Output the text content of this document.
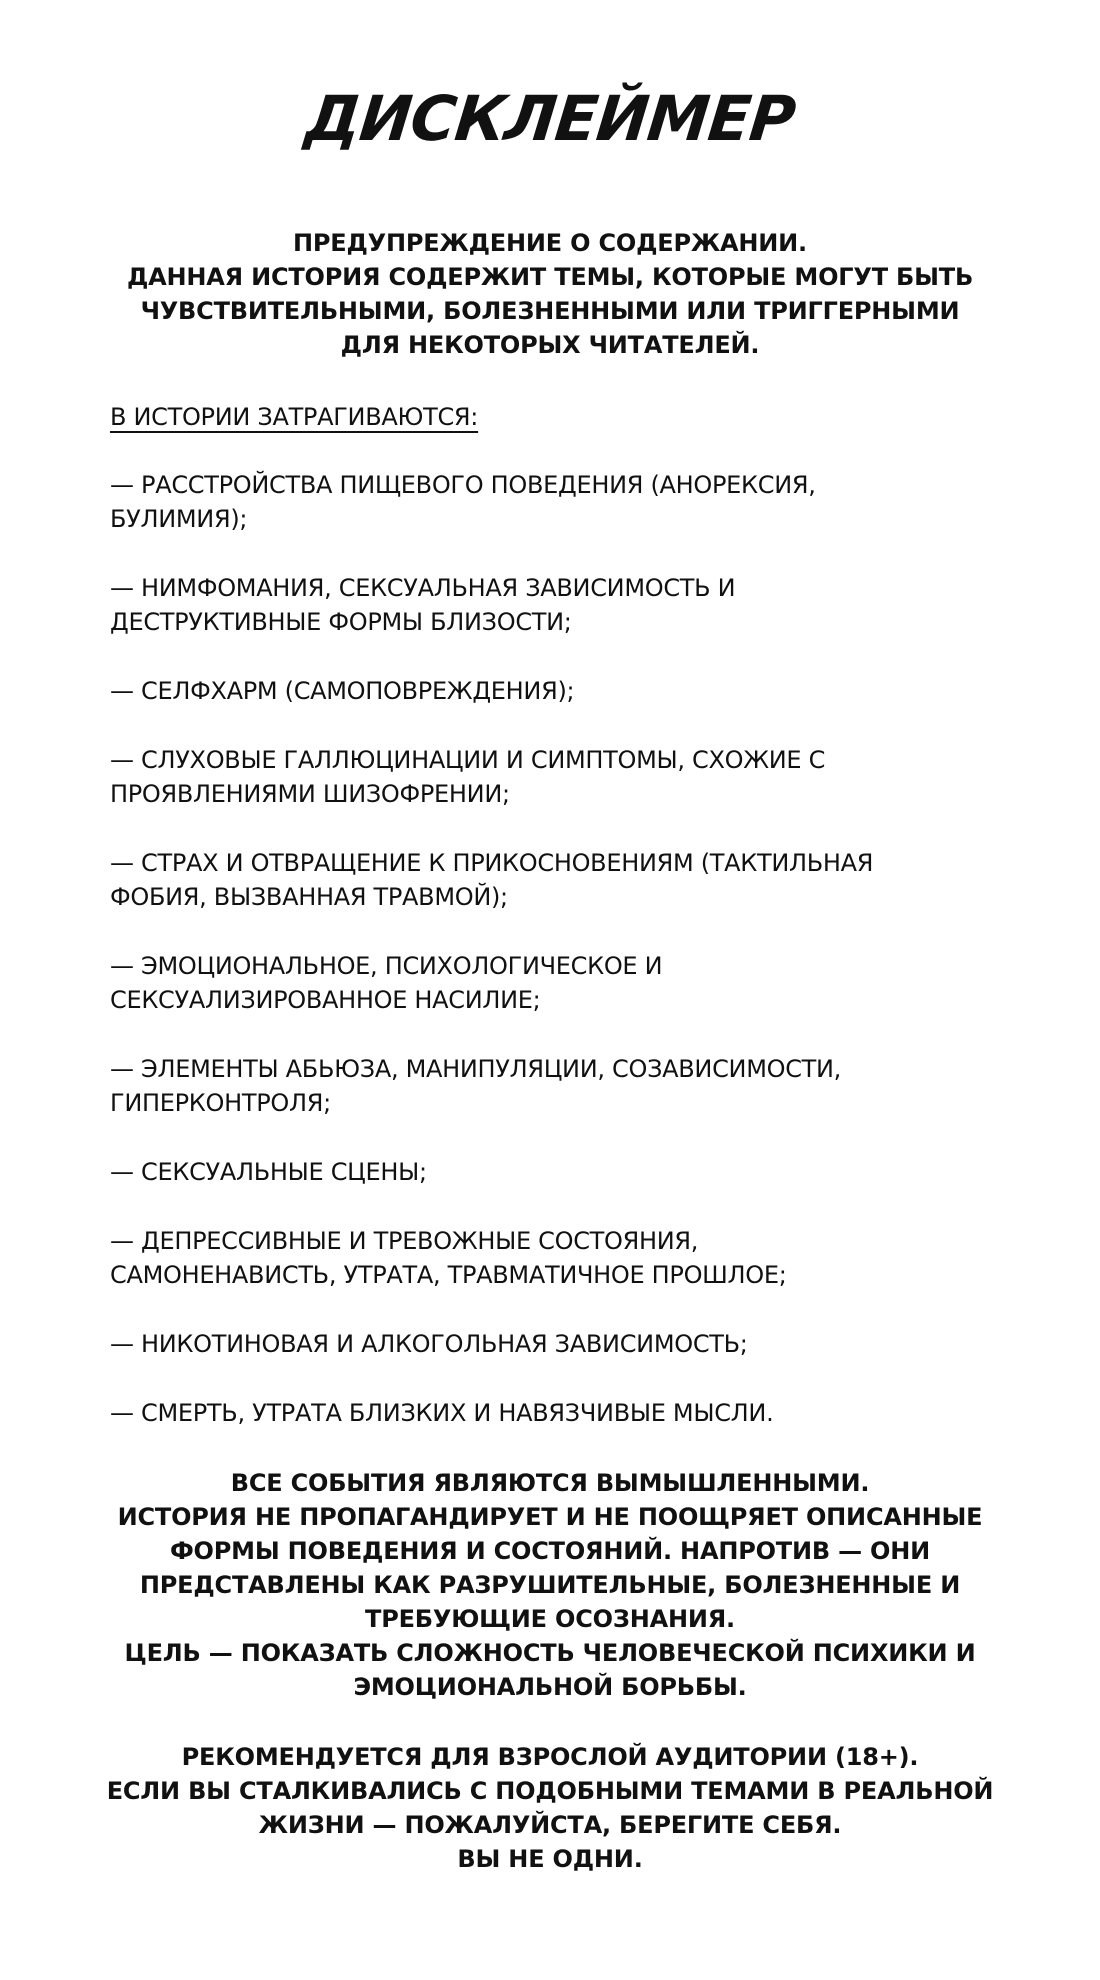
ДИСКЛЕЙМЕР
ПРЕДУПРЕЖДЕНИЕ О СОДЕРЖАНИИ.
ДАННАЯ ИСТОРИЯ СОДЕРЖИТ ТЕМЫ, КОТОРЫЕ МОГУТ БЫТЬ
ЧУВСТВИТЕЛЬНЫМИ, БОЛЕЗНЕННЫМИ ИЛИ ТРИГГЕРНЫМИ
ДЛЯ НЕКОТОРЫХ ЧИТАТЕЛЕЙ.
В ИСТОРИИ ЗАТРАГИВАЮТСЯ:
— РАССТРОЙСТВА ПИЩЕВОГО ПОВЕДЕНИЯ (АНОРЕКСИЯ,
БУЛИМИЯ);
— НИМФОМАНИЯ, СЕКСУАЛЬНАЯ ЗАВИСИМОСТЬ И
ДЕСТРУКТИВНЫЕ ФОРМЫ БЛИЗОСТИ;
— СЕЛФХАРМ (САМОПОВРЕЖДЕНИЯ);
— СЛУХОВЫЕ ГАЛЛЮЦИНАЦИИ И СИМПТОМЫ, СХОЖИЕ С
ПРОЯВЛЕНИЯМИ ШИЗОФРЕНИИ;
— СТРАХ И ОТВРАЩЕНИЕ К ПРИКОСНОВЕНИЯМ (ТАКТИЛЬНАЯ
ФОБИЯ, ВЫЗВАННАЯ ТРАВМОЙ);
— ЭМОЦИОНАЛЬНОЕ, ПСИХОЛОГИЧЕСКОЕ И
СЕКСУАЛИЗИРОВАННОЕ НАСИЛИЕ;
— ЭЛЕМЕНТЫ АБЬЮЗА, МАНИПУЛЯЦИИ, СОЗАВИСИМОСТИ,
ГИПЕРКОНТРОЛЯ;
— СЕКСУАЛЬНЫЕ СЦЕНЫ;
— ДЕПРЕССИВНЫЕ И ТРЕВОЖНЫЕ СОСТОЯНИЯ,
САМОНЕНАВИСТЬ, УТРАТА, ТРАВМАТИЧНОЕ ПРОШЛОЕ;
— НИКОТИНОВАЯ И АЛКОГОЛЬНАЯ ЗАВИСИМОСТЬ;
— СМЕРТЬ, УТРАТА БЛИЗКИХ И НАВЯЗЧИВЫЕ МЫСЛИ.
ВСЕ СОБЫТИЯ ЯВЛЯЮТСЯ ВЫМЫШЛЕННЫМИ.
ИСТОРИЯ НЕ ПРОПАГАНДИРУЕТ И НЕ ПООЩРЯЕТ ОПИСАННЫЕ
ФОРМЫ ПОВЕДЕНИЯ И СОСТОЯНИЙ. НАПРОТИВ — ОНИ
ПРЕДСТАВЛЕНЫ КАК РАЗРУШИТЕЛЬНЫЕ, БОЛЕЗНЕННЫЕ И
ТРЕБУЮЩИЕ ОСОЗНАНИЯ.
ЦЕЛЬ — ПОКАЗАТЬ СЛОЖНОСТЬ ЧЕЛОВЕЧЕСКОЙ ПСИХИКИ И
ЭМОЦИОНАЛЬНОЙ БОРЬБЫ.
РЕКОМЕНДУЕТСЯ ДЛЯ ВЗРОСЛОЙ АУДИТОРИИ (18+).
ЕСЛИ ВЫ СТАЛКИВАЛИСЬ С ПОДОБНЫМИ ТЕМАМИ В РЕАЛЬНОЙ
ЖИЗНИ — ПОЖАЛУЙСТА, БЕРЕГИТЕ СЕБЯ.
ВЫ НЕ ОДНИ.
